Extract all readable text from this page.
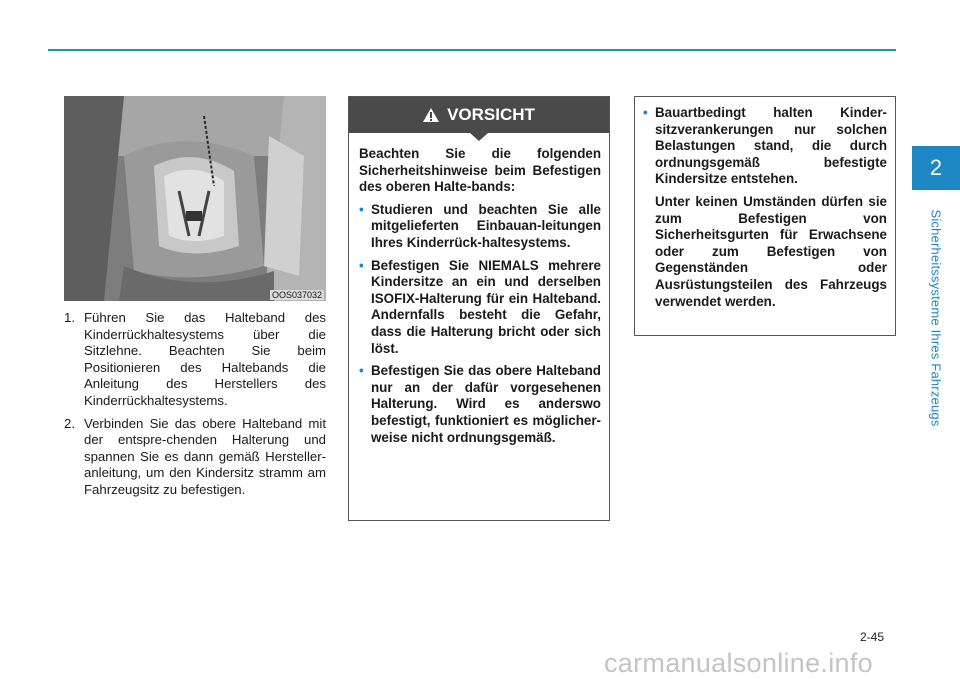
2
Sicherheitssysteme Ihres Fahrzeugs
OOS037032
1. Führen Sie das Halteband des Kinderrückhaltesystems über die Sitzlehne. Beachten Sie beim Positionieren des Haltebands die Anleitung des Herstellers des Kinderrückhaltesystems.
2. Verbinden Sie das obere Halteband mit der entspre-chenden Halterung und spannen Sie es dann gemäß Hersteller-anleitung, um den Kindersitz stramm am Fahrzeugsitz zu befestigen.
VORSICHT

Beachten Sie die folgenden Sicherheitshinweise beim Befestigen des oberen Halte-bands:

• Studieren und beachten Sie alle mitgelieferten Einbauan-leitungen Ihres Kinderrück-haltesystems.
• Befestigen Sie NIEMALS mehrere Kindersitze an ein und derselben ISOFIX-Halterung für ein Halteband. Andernfalls besteht die Gefahr, dass die Halterung bricht oder sich löst.
• Befestigen Sie das obere Halteband nur an der dafür vorgesehenen Halterung. Wird es anderswo befestigt, funktioniert es möglicher-weise nicht ordnungsgemäß.
• Bauartbedingt halten Kinder-sitzverankerungen nur solchen Belastungen stand, die durch ordnungsgemäß befestigte Kindersitze entstehen.
Unter keinen Umständen dürfen sie zum Befestigen von Sicherheitsgurten für Erwachsene oder zum Befestigen von Gegenständen oder Ausrüstungsteilen des Fahrzeugs verwendet werden.
2-45
carmanualsonline.info
